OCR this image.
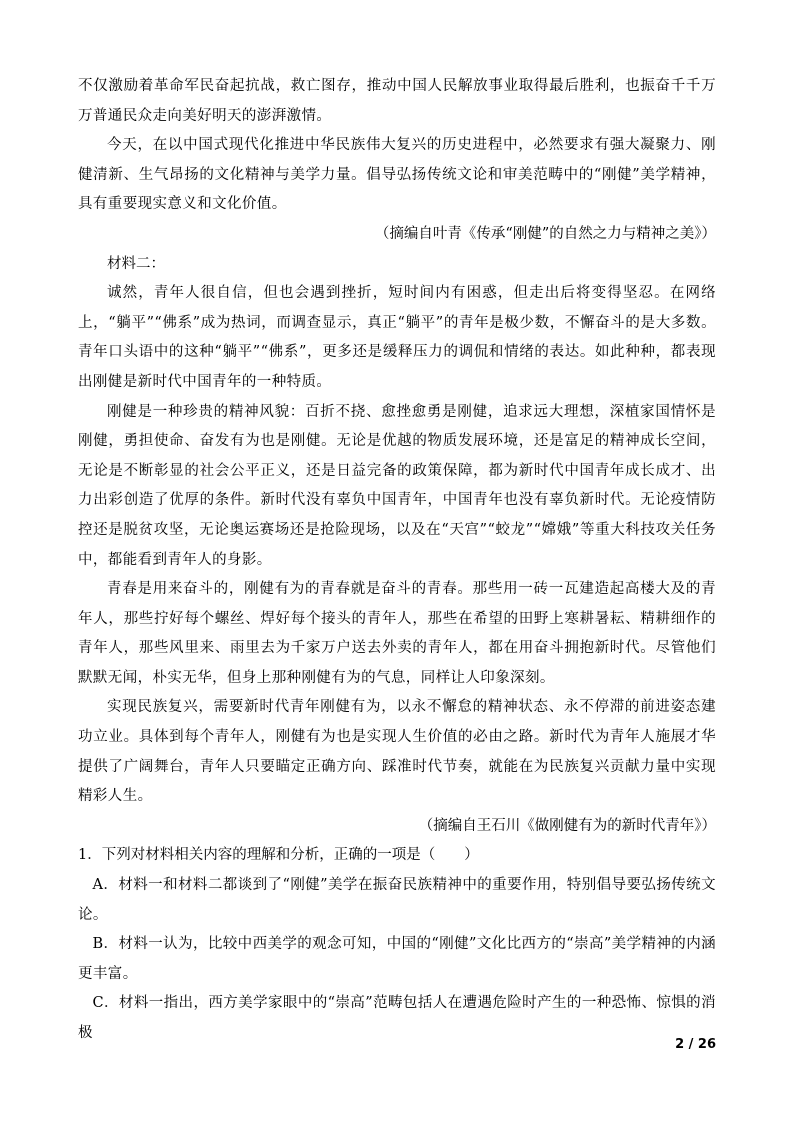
不仅激励着革命军民奋起抗战，救亡图存，推动中国人民解放事业取得最后胜利，也振奋千千万万普通民众走向美好明天的澎湃激情。

今天，在以中国式现代化推进中华民族伟大复兴的历史进程中，必然要求有强大凝聚力、刚健清新、生气昂扬的文化精神与美学力量。倡导弘扬传统文论和审美范畴中的“刚健”美学精神，具有重要现实意义和文化价值。

（摘编自叶青《传承“刚健”的自然之力与精神之美》）

材料二：

诚然，青年人很自信，但也会遇到挫折，短时间内有困惑，但走出后将变得坚忍。在网络上，“躺平”“佛系”成为热词，而调查显示，真正“躺平”的青年是极少数，不懈奋斗的是大多数。青年口头语中的这种“躺平”“佛系”，更多还是缓释压力的调侃和情绪的表达。如此种种，都表现出刚健是新时代中国青年的一种特质。

刚健是一种珍贵的精神风貌：百折不挠、愈挫愈勇是刚健，追求远大理想，深植家国情怀是刚健，勇担使命、奋发有为也是刚健。无论是优越的物质发展环境，还是富足的精神成长空间，无论是不断彰显的社会公平正义，还是日益完备的政策保障，都为新时代中国青年成长成才、出力出彩创造了优厚的条件。新时代没有辜负中国青年，中国青年也没有辜负新时代。无论疫情防控还是脱贫攻坚，无论奥运赛场还是抢险现场，以及在“天宫”“蛟龙”“嫦娥”等重大科技攻关任务中，都能看到青年人的身影。

青春是用来奋斗的，刚健有为的青春就是奋斗的青春。那些用一砖一瓦建造起高楼大及的青年人，那些拧好每个螺丝、焊好每个接头的青年人，那些在希望的田野上寒耕暑耘、精耕细作的青年人，那些风里来、雨里去为千家万户送去外卖的青年人，都在用奋斗拥抱新时代。尽管他们默默无闻，朴实无华，但身上那种刚健有为的气息，同样让人印象深刻。

实现民族复兴，需要新时代青年刚健有为，以永不懈怠的精神状态、永不停滞的前进姿态建功立业。具体到每个青年人，刚健有为也是实现人生价值的必由之路。新时代为青年人施展才华提供了广阔舞台，青年人只要瞄定正确方向、踩准时代节奏，就能在为民族复兴贡献力量中实现精彩人生。

（摘编自王石川《做刚健有为的新时代青年》）

1．下列对材料相关内容的理解和分析，正确的一项是（　　）

A．材料一和材料二都谈到了“刚健”美学在振奋民族精神中的重要作用，特别倡导要弘扬传统文论。

B．材料一认为，比较中西美学的观念可知，中国的“刚健”文化比西方的“崇高”美学精神的内涵更丰富。

C．材料一指出，西方美学家眼中的“崇高”范畴包括人在遭遇危险时产生的一种恐怖、惊惧的消极

2 / 26
